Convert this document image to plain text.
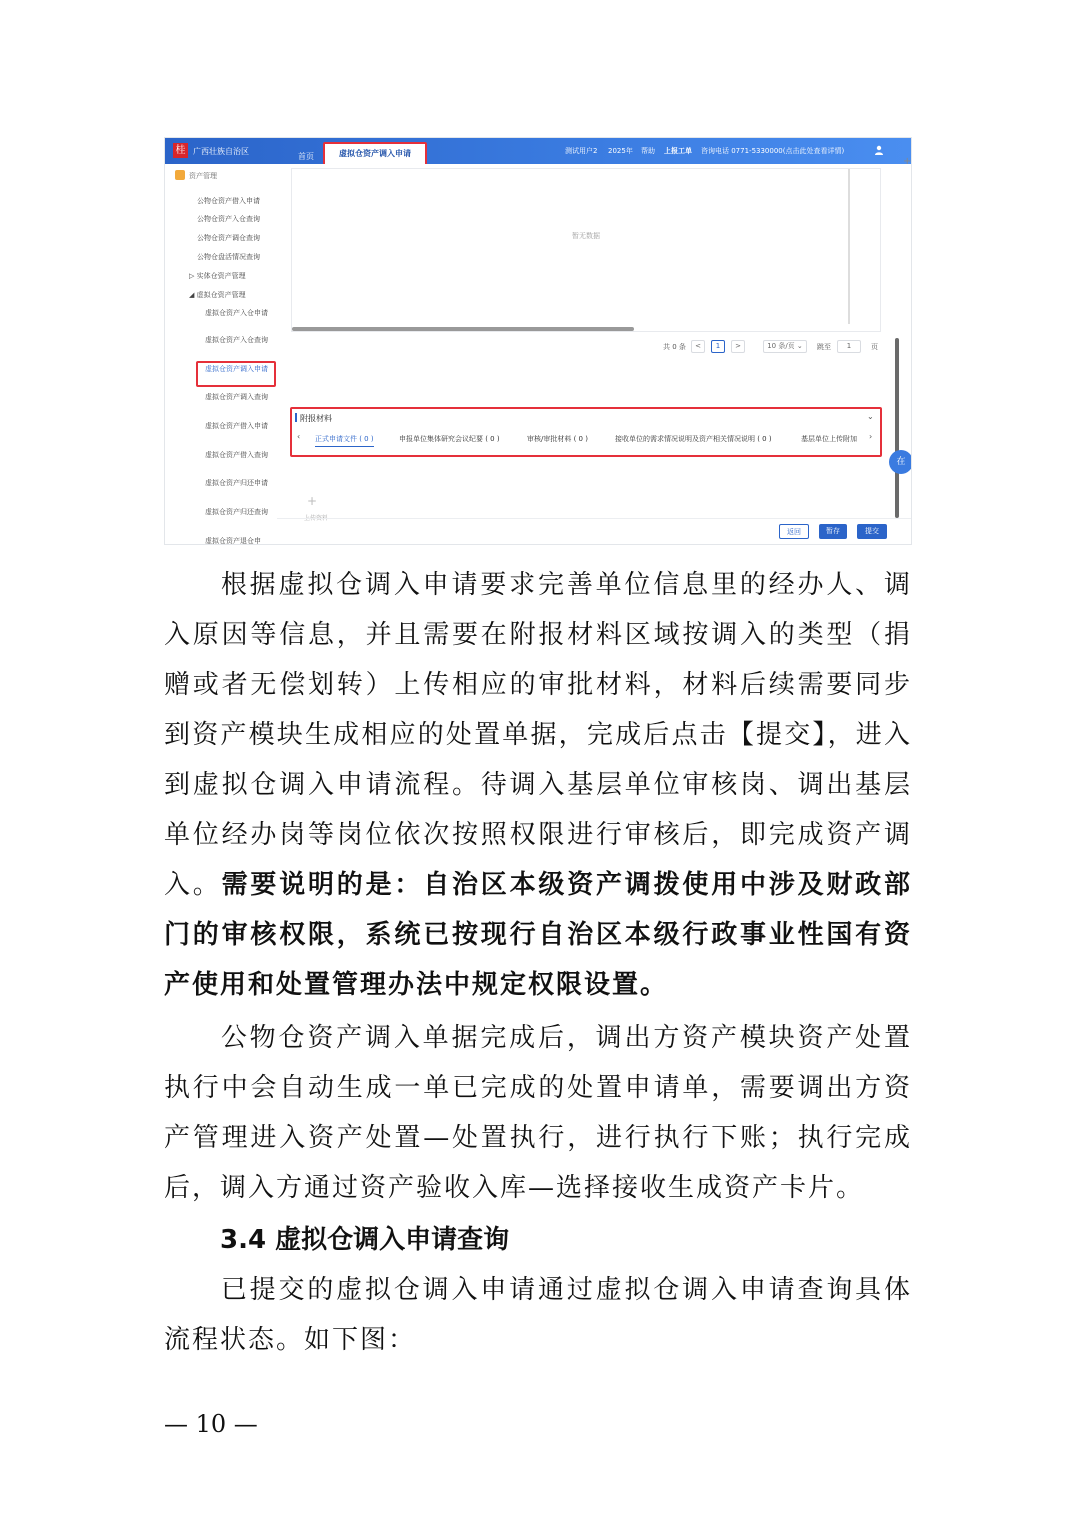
桂 广西壮族自治区
首页	虚拟仓资产调入申请	测试用户2 2025年 帮助 上报工单 咨询电话 0771-5330000(点击此处查看详情)
资产管理
公物仓资产借入申请
公物仓资产入仓查询
公物仓资产调仓查询
公物仓盘活情况查询
▷ 实体仓资产管理
◢ 虚拟仓资产管理
虚拟仓资产入仓申请
虚拟仓资产入仓查询
虚拟仓资产调入申请
虚拟仓资产调入查询
虚拟仓资产借入申请
虚拟仓资产借入查询
虚拟仓资产归还申请
虚拟仓资产归还查询
虚拟仓资产退仓申
暂无数据
共 0 条	<	1	>	10 条/页 ⌄	跳至	1	页
附报材料	⌄
‹ 正式申请文件 ( 0 )	申报单位集体研究会议纪要 ( 0 )	审核/审批材料 ( 0 )	接收单位的需求情况说明及资产相关情况说明 ( 0 )	基层单位上传附加 ›
+
返回	暂存	提交
在
+

根据虚拟仓调入申请要求完善单位信息里的经办人、调入原因等信息，并且需要在附报材料区域按调入的类型（捐赠或者无偿划转）上传相应的审批材料，材料后续需要同步到资产模块生成相应的处置单据，完成后点击【提交】，进入到虚拟仓调入申请流程。待调入基层单位审核岗、调出基层单位经办岗等岗位依次按照权限进行审核后，即完成资产调入。需要说明的是：自治区本级资产调拨使用中涉及财政部门的审核权限，系统已按现行自治区本级行政事业性国有资产使用和处置管理办法中规定权限设置。

公物仓资产调入单据完成后，调出方资产模块资产处置执行中会自动生成一单已完成的处置申请单，需要调出方资产管理进入资产处置—处置执行，进行执行下账；执行完成后，调入方通过资产验收入库—选择接收生成资产卡片。

3.4 虚拟仓调入申请查询

已提交的虚拟仓调入申请通过虚拟仓调入申请查询具体流程状态。如下图：

— 10 —
